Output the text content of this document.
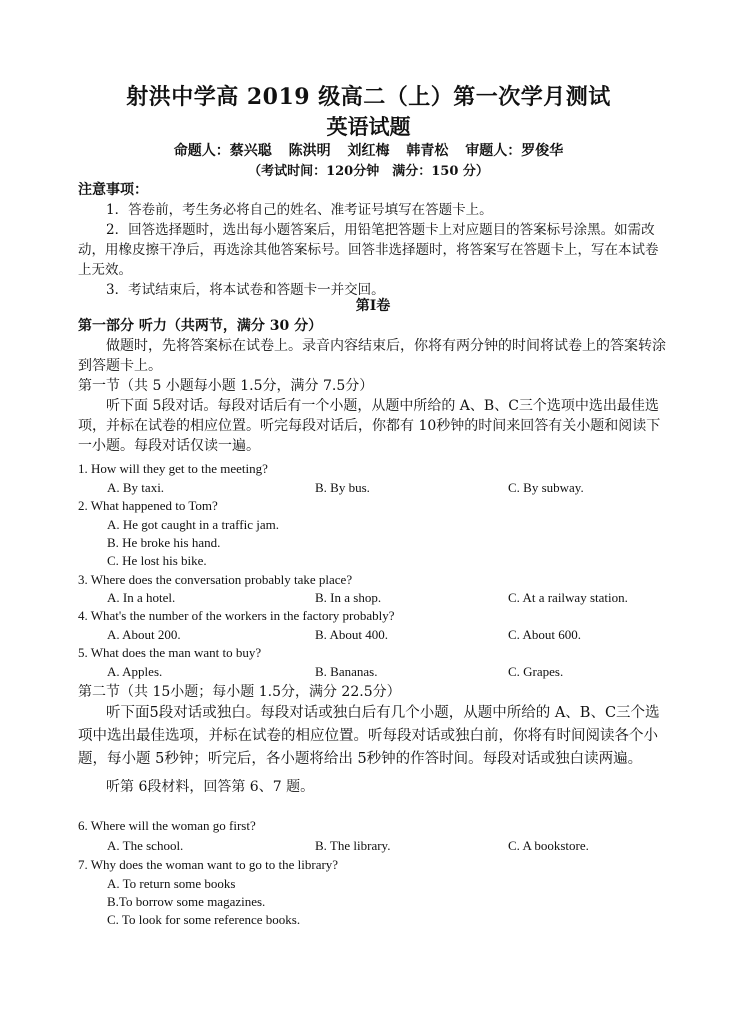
射洪中学高 2019 级高二（上）第一次学月测试
英语试题
命题人：蔡兴聪 陈洪明 刘红梅 韩青松 审题人：罗俊华
（考试时间：120分钟　满分：150 分）
注意事项：
1．答卷前，考生务必将自己的姓名、准考证号填写在答题卡上。
2．回答选择题时，选出每小题答案后，用铅笔把答题卡上对应题目的答案标号涂黑。如需改动，用橡皮擦干净后，再选涂其他答案标号。回答非选择题时，将答案写在答题卡上，写在本试卷上无效。
3．考试结束后，将本试卷和答题卡一并交回。
第Ⅰ卷
第一部分 听力（共两节，满分 30 分）
做题时，先将答案标在试卷上。录音内容结束后，你将有两分钟的时间将试卷上的答案转涂到答题卡上。
第一节（共 5 小题每小题 1.5分，满分 7.5分）
听下面 5段对话。每段对话后有一个小题，从题中所给的 A、B、C三个选项中选出最佳选项，并标在试卷的相应位置。听完每段对话后，你都有 10秒钟的时间来回答有关小题和阅读下一小题。每段对话仅读一遍。
1. How will they get to the meeting?
A. By taxi.	B. By bus.	C. By subway.
2. What happened to Tom?
A. He got caught in a traffic jam.
B. He broke his hand.
C. He lost his bike.
3. Where does the conversation probably take place?
A. In a hotel.	B. In a shop.	C. At a railway station.
4. What's the number of the workers in the factory probably?
A. About 200.	B. About 400.	C. About 600.
5. What does the man want to buy?
A. Apples.	B. Bananas.	C. Grapes.
第二节（共 15小题；每小题 1.5分，满分 22.5分）
听下面5段对话或独白。每段对话或独白后有几个小题，从题中所给的 A、B、C三个选项中选出最佳选项，并标在试卷的相应位置。听每段对话或独白前，你将有时间阅读各个小题，每小题 5秒钟；听完后，各小题将给出 5秒钟的作答时间。每段对话或独白读两遍。
听第 6段材料，回答第 6、7 题。
6. Where will the woman go first?
A. The school.	B. The library.	C. A bookstore.
7. Why does the woman want to go to the library?
A. To return some books
B.To borrow some magazines.
C. To look for some reference books.
